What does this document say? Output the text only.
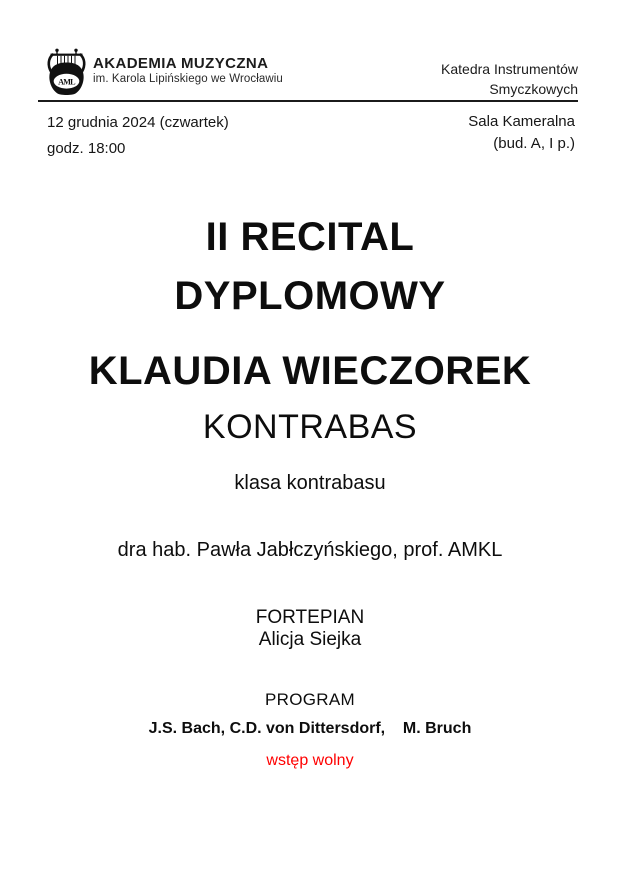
AML
AKADEMIA MUZYCZNA
im. Karola Lipińskiego we Wrocławiu
Katedra Instrumentów
Smyczkowych
12 grudnia 2024 (czwartek)
godz. 18:00
Sala Kameralna
(bud. A, I p.)
II RECITAL
DYPLOMOWY
KLAUDIA WIECZOREK
KONTRABAS
klasa kontrabasu
dra hab. Pawła Jabłczyńskiego, prof. AMKL
FORTEPIAN
Alicja Siejka
PROGRAM
J.S. Bach, C.D. von Dittersdorf,    M. Bruch
wstęp wolny
